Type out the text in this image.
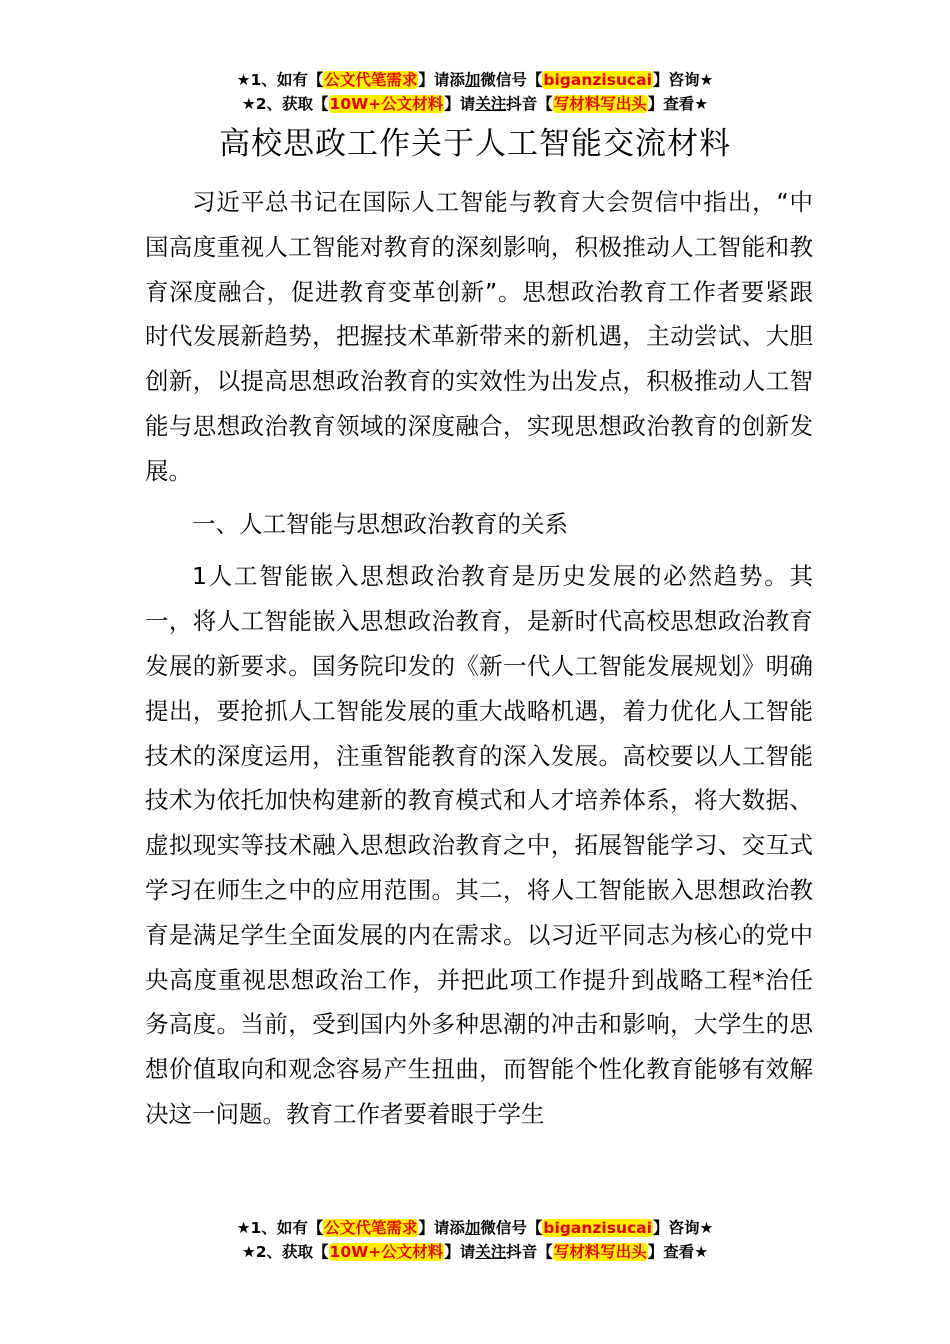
★1、如有【公文代笔需求】请添加微信号【biganzisucai】咨询★
★2、获取【10W+公文材料】请关注抖音【写材料写出头】查看★
高校思政工作关于人工智能交流材料

习近平总书记在国际人工智能与教育大会贺信中指出，“中国高度重视人工智能对教育的深刻影响，积极推动人工智能和教育深度融合，促进教育变革创新”。思想政治教育工作者要紧跟时代发展新趋势，把握技术革新带来的新机遇，主动尝试、大胆创新，以提高思想政治教育的实效性为出发点，积极推动人工智能与思想政治教育领域的深度融合，实现思想政治教育的创新发展。

一、人工智能与思想政治教育的关系

1人工智能嵌入思想政治教育是历史发展的必然趋势。其一，将人工智能嵌入思想政治教育，是新时代高校思想政治教育发展的新要求。国务院印发的《新一代人工智能发展规划》明确提出，要抢抓人工智能发展的重大战略机遇，着力优化人工智能技术的深度运用，注重智能教育的深入发展。高校要以人工智能技术为依托加快构建新的教育模式和人才培养体系，将大数据、虚拟现实等技术融入思想政治教育之中，拓展智能学习、交互式学习在师生之中的应用范围。其二，将人工智能嵌入思想政治教育是满足学生全面发展的内在需求。以习近平同志为核心的党中央高度重视思想政治工作，并把此项工作提升到战略工程*治任务高度。当前，受到国内外多种思潮的冲击和影响，大学生的思想价值取向和观念容易产生扭曲，而智能个性化教育能够有效解决这一问题。教育工作者要着眼于学生

★1、如有【公文代笔需求】请添加微信号【biganzisucai】咨询★
★2、获取【10W+公文材料】请关注抖音【写材料写出头】查看★
